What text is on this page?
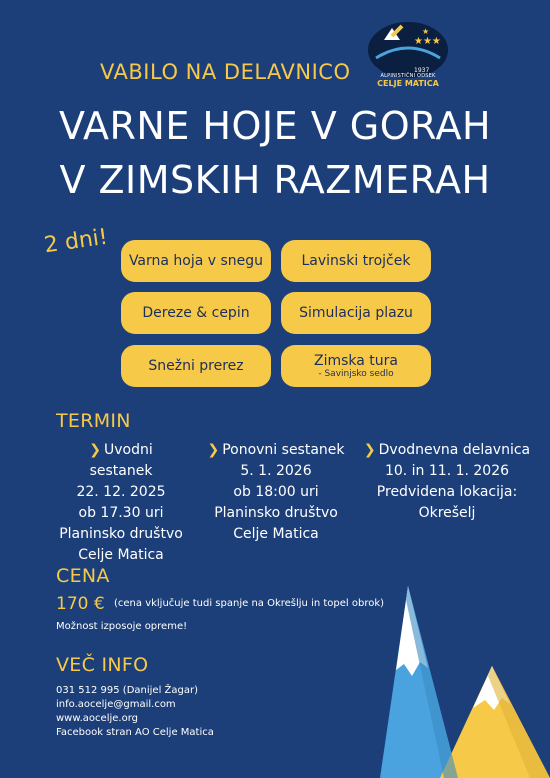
★★★
★
1937
ALPINISTIČNI ODSEK
CELJE MATICA
VABILO NA DELAVNICO
VARNE HOJE V GORAH
V ZIMSKIH RAZMERAH
2 dni!
Varna hoja v snegu	Lavinski trojček
Dereze & cepin	Simulacija plazu
Snežni prerez	Zimska tura
- Savinjsko sedlo
TERMIN
❯ Uvodni sestanek
22. 12. 2025
ob 17.30 uri
Planinsko društvo
Celje Matica
❯ Ponovni sestanek
5. 1. 2026
ob 18:00 uri
Planinsko društvo
Celje Matica
❯ Dvodnevna delavnica
10. in 11. 1. 2026
Predvidena lokacija:
Okrešelj
CENA
170 € (cena vključuje tudi spanje na Okrešlju in topel obrok)
Možnost izposoje opreme!
VEČ INFO
031 512 995 (Danijel Žagar)
info.aocelje@gmail.com
www.aocelje.org
Facebook stran AO Celje Matica
